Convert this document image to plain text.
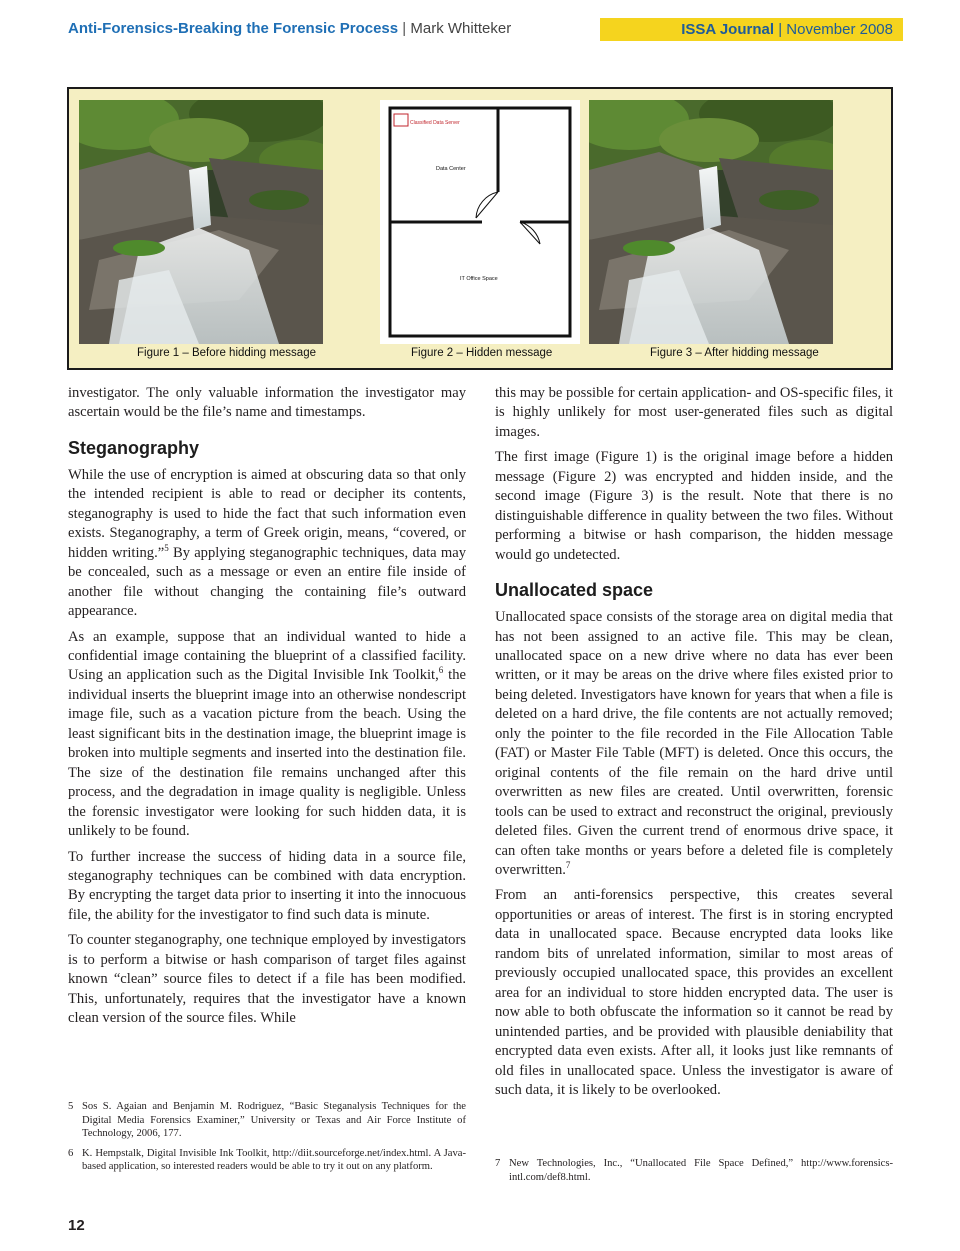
Anti-Forensics-Breaking the Forensic Process | Mark Whitteker	ISSA Journal | November 2008
Classified Data Server
Data Center
IT Office Space
Figure 1 – Before hidding message	Figure 2 – Hidden message	Figure 3 – After hidding message

investigator. The only valuable information the investigator may ascertain would be the file’s name and timestamps.

Steganography

While the use of encryption is aimed at obscuring data so that only the intended recipient is able to read or decipher its contents, steganography is used to hide the fact that such information even exists. Steganography, a term of Greek origin, means, “covered, or hidden writing.”$^5$ By applying steganographic techniques, data may be concealed, such as a message or even an entire file inside of another file without changing the containing file’s outward appearance.

As an example, suppose that an individual wanted to hide a confidential image containing the blueprint of a classified facility. Using an application such as the Digital Invisible Ink Toolkit,$^6$ the individual inserts the blueprint image into an otherwise nondescript image file, such as a vacation picture from the beach. Using the least significant bits in the destination image, the blueprint image is broken into multiple segments and inserted into the destination file. The size of the destination file remains unchanged after this process, and the degradation in image quality is negligible. Unless the forensic investigator were looking for such hidden data, it is unlikely to be found.

To further increase the success of hiding data in a source file, steganography techniques can be combined with data encryption. By encrypting the target data prior to inserting it into the innocuous file, the ability for the investigator to find such data is minute.

To counter steganography, one technique employed by investigators is to perform a bitwise or hash comparison of target files against known “clean” source files to detect if a file has been modified. This, unfortunately, requires that the investigator have a known clean version of the source files. While

this may be possible for certain application- and OS-specific files, it is highly unlikely for most user-generated files such as digital images.

The first image (Figure 1) is the original image before a hidden message (Figure 2) was encrypted and hidden inside, and the second image (Figure 3) is the result. Note that there is no distinguishable difference in quality between the two files. Without performing a bitwise or hash comparison, the hidden message would go undetected.

Unallocated space

Unallocated space consists of the storage area on digital media that has not been assigned to an active file. This may be clean, unallocated space on a new drive where no data has ever been written, or it may be areas on the drive where files existed prior to being deleted. Investigators have known for years that when a file is deleted on a hard drive, the file contents are not actually removed; only the pointer to the file recorded in the File Allocation Table (FAT) or Master File Table (MFT) is deleted. Once this occurs, the original contents of the file remain on the hard drive until overwritten as new files are created. Until overwritten, forensic tools can be used to extract and reconstruct the original, previously deleted files. Given the current trend of enormous drive space, it can often take months or years before a deleted file is completely overwritten.$^7$

From an anti-forensics perspective, this creates several opportunities or areas of interest. The first is in storing encrypted data in unallocated space. Because encrypted data looks like random bits of unrelated information, similar to most areas of previously occupied unallocated space, this provides an excellent area for an individual to store hidden encrypted data. The user is now able to both obfuscate the information so it cannot be read by unintended parties, and be provided with plausible deniability that encrypted data even exists. After all, it looks just like remnants of old files in unallocated space. Unless the investigator is aware of such data, it is likely to be overlooked.

5 Sos S. Agaian and Benjamin M. Rodriguez, “Basic Steganalysis Techniques for the Digital Media Forensics Examiner,” University or Texas and Air Force Institute of Technology, 2006, 177.
6 K. Hempstalk, Digital Invisible Ink Toolkit, http://diit.sourceforge.net/index.html. A Java-based application, so interested readers would be able to try it out on any platform.	7 New Technologies, Inc., “Unallocated File Space Defined,” http://www.forensics-intl.com/def8.html.
12
